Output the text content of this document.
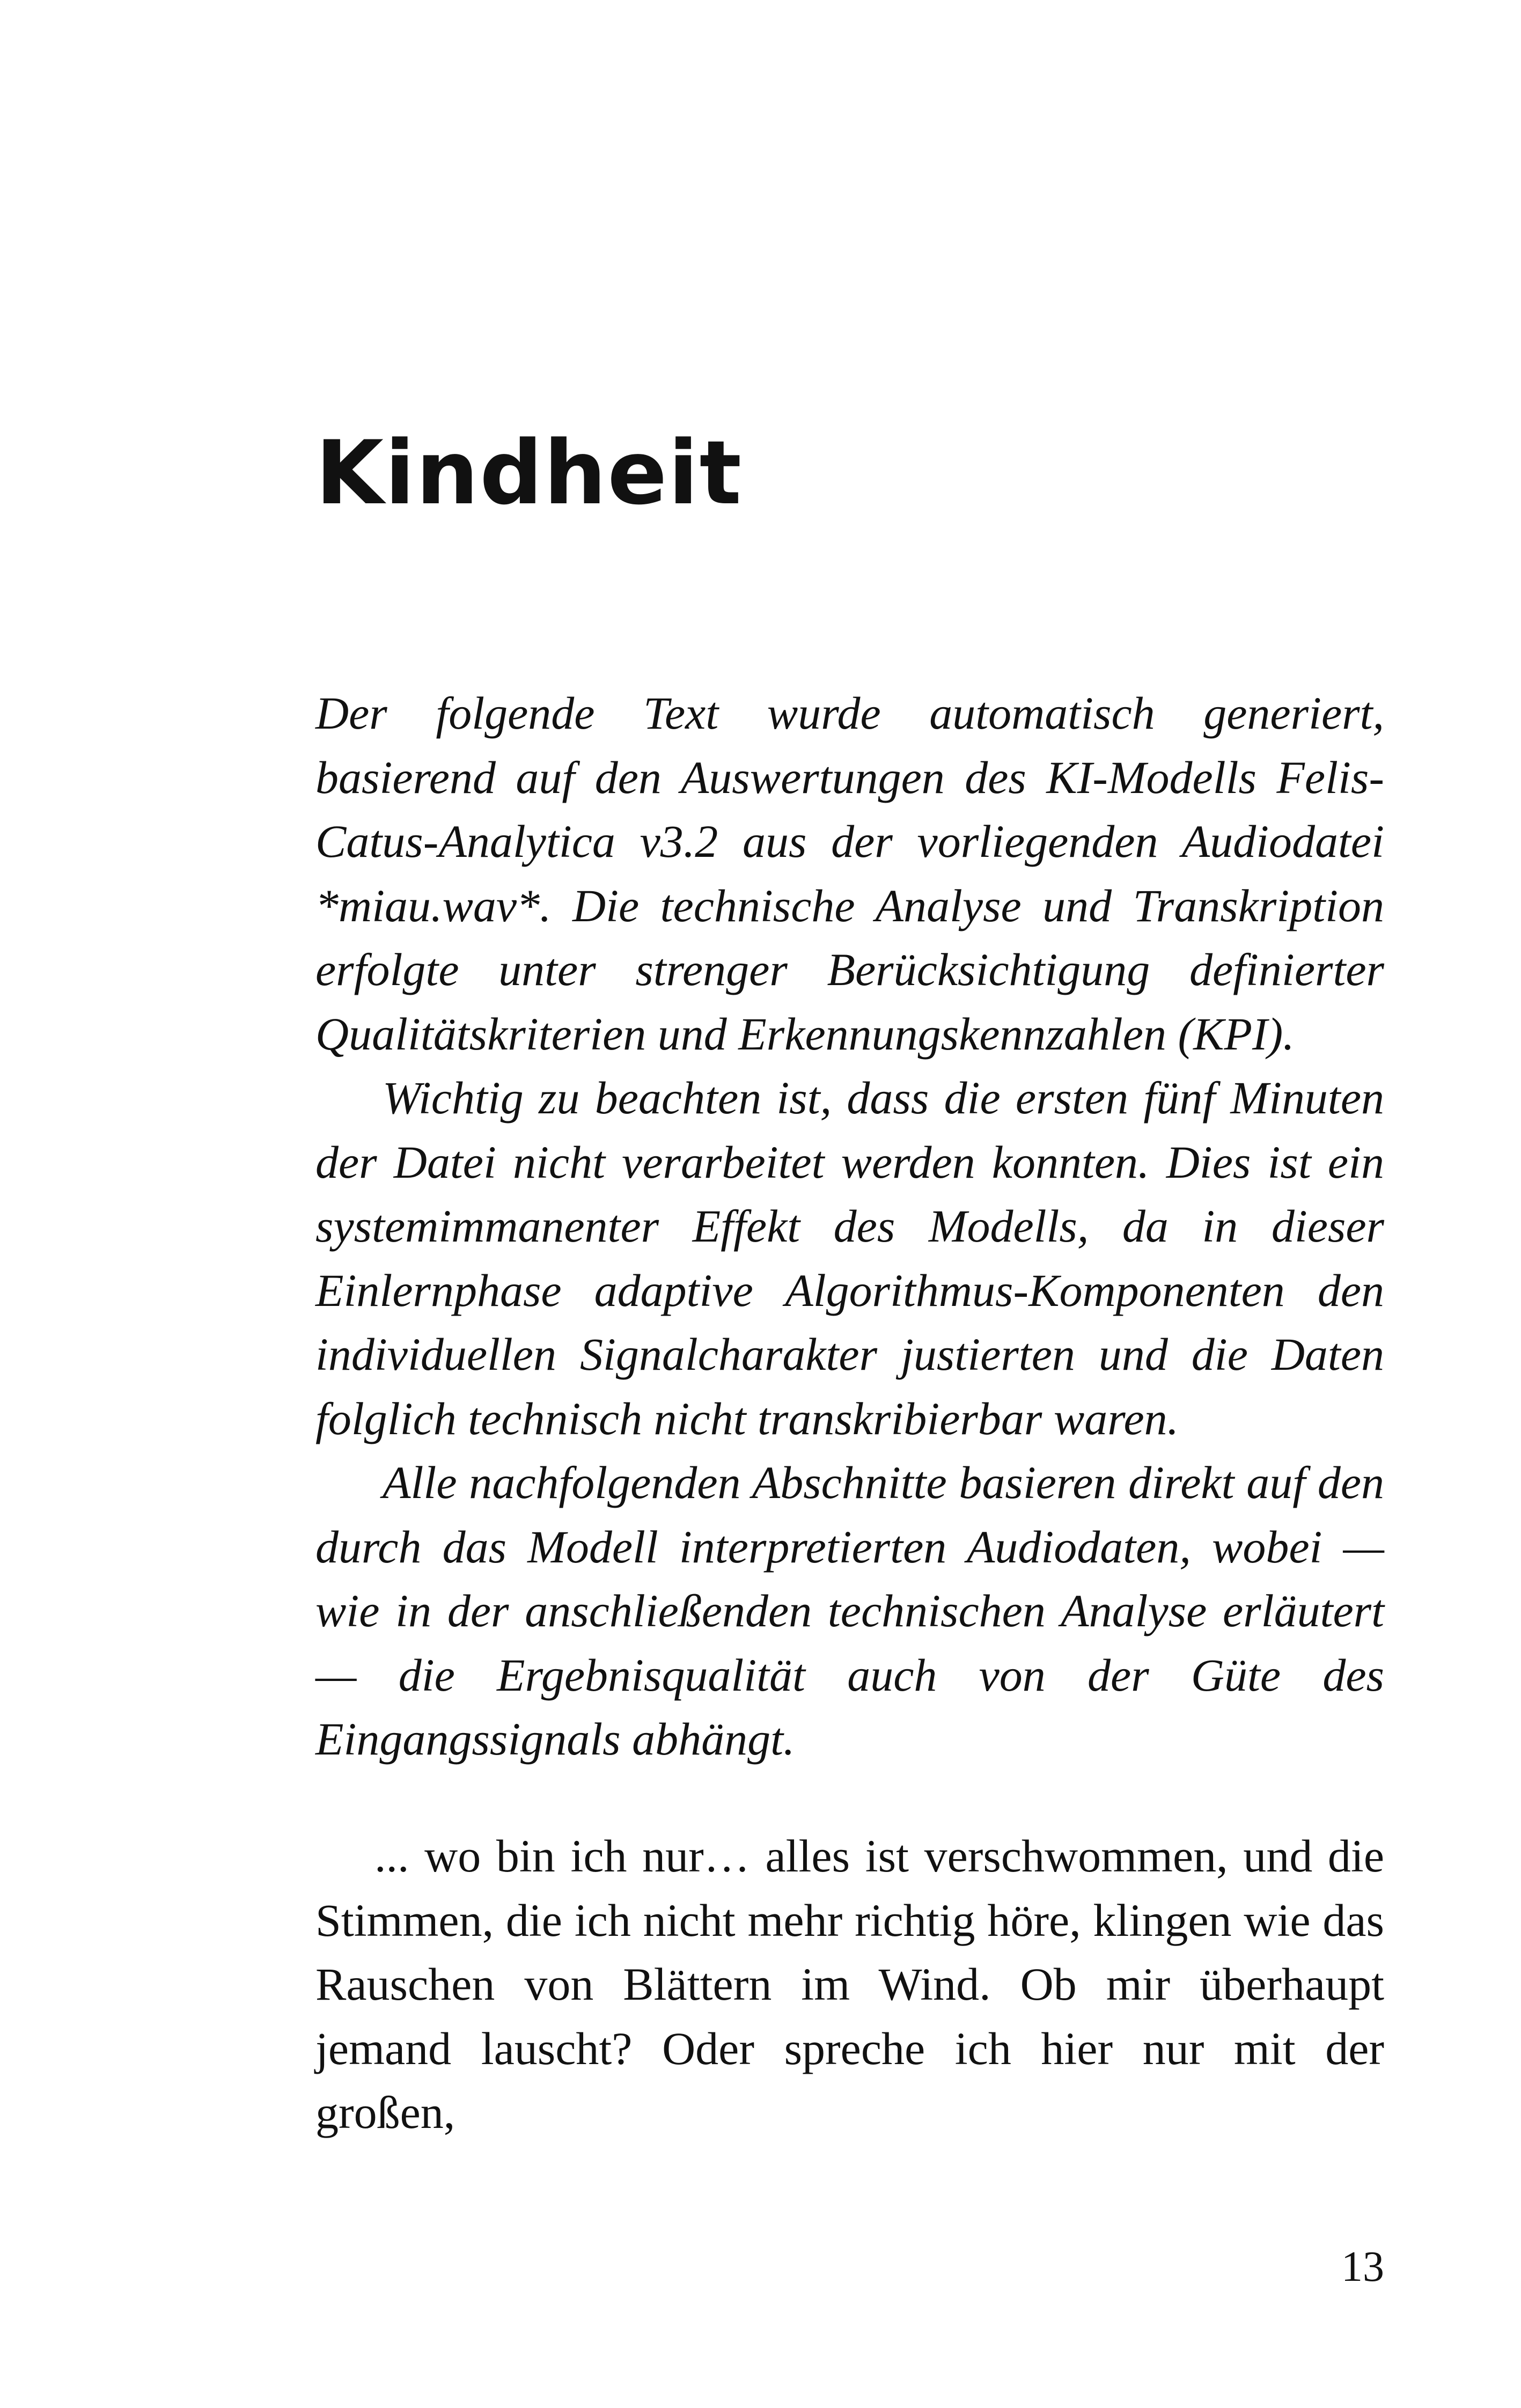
Kindheit

Der folgende Text wurde automatisch generiert, basierend auf den Auswertungen des KI-Modells Felis-Catus-Analytica v3.2 aus der vorliegenden Audiodatei *miau.wav*. Die technische Analyse und Transkription erfolgte unter strenger Berücksichtigung definierter Qualitätskriterien und Erkennungskennzahlen (KPI).

Wichtig zu beachten ist, dass die ersten fünf Minuten der Datei nicht verarbeitet werden konnten. Dies ist ein systemimmanenter Effekt des Modells, da in dieser Einlernphase adaptive Algorithmus-Komponenten den individuellen Signalcharakter justierten und die Daten folglich technisch nicht transkribierbar waren.

Alle nachfolgenden Abschnitte basieren direkt auf den durch das Modell interpretierten Audiodaten, wobei — wie in der anschließenden technischen Analyse erläutert — die Ergebnisqualität auch von der Güte des Eingangssignals abhängt.

... wo bin ich nur… alles ist verschwommen, und die Stimmen, die ich nicht mehr richtig höre, klingen wie das Rauschen von Blättern im Wind. Ob mir überhaupt jemand lauscht? Oder spreche ich hier nur mit der großen,

13
